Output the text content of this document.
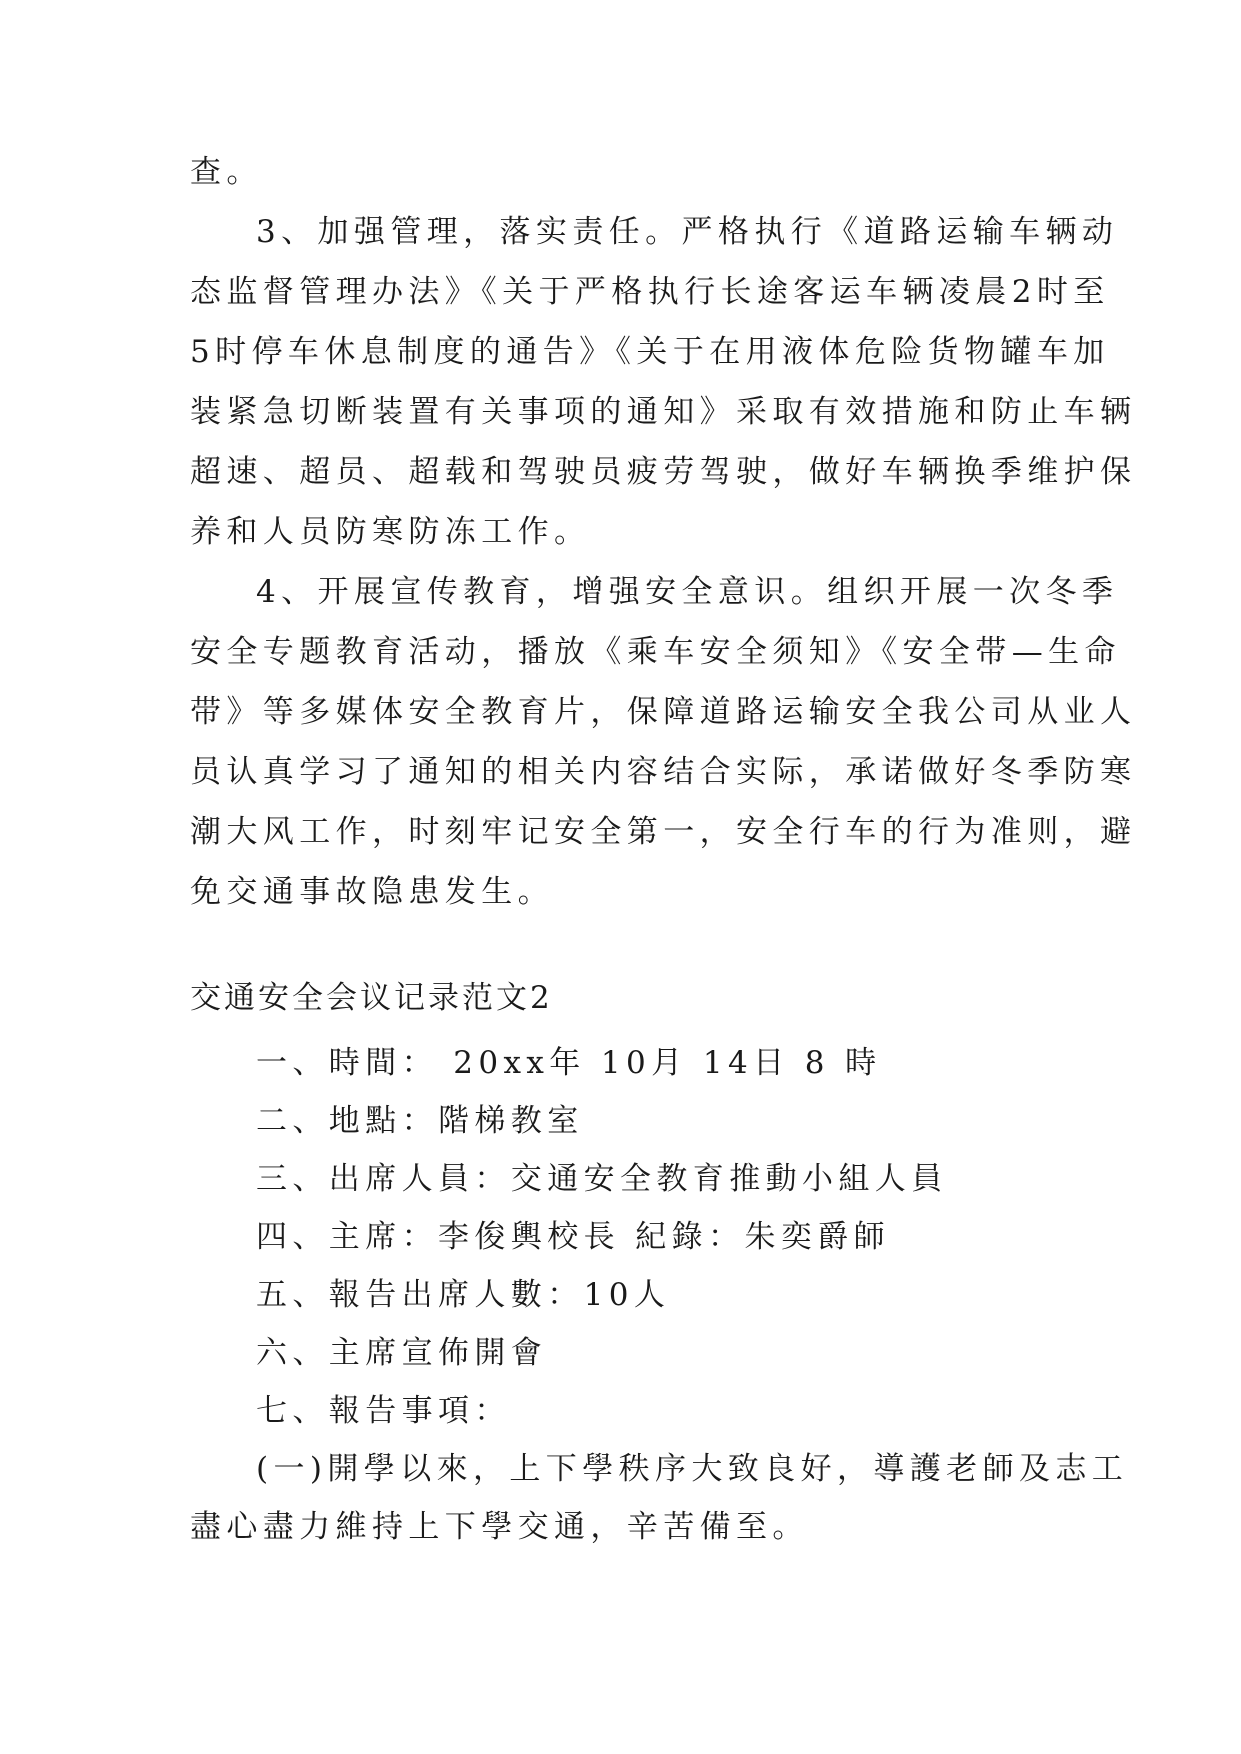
查。
3、加强管理，落实责任。严格执行《道路运输车辆动
态监督管理办法》《关于严格执行长途客运车辆凌晨2时至
5时停车休息制度的通告》《关于在用液体危险货物罐车加
装紧急切断装置有关事项的通知》采取有效措施和防止车辆
超速、超员、超载和驾驶员疲劳驾驶，做好车辆换季维护保
养和人员防寒防冻工作。
4、开展宣传教育，增强安全意识。组织开展一次冬季
安全专题教育活动，播放《乘车安全须知》《安全带—生命
带》等多媒体安全教育片，保障道路运输安全我公司从业人
员认真学习了通知的相关内容结合实际，承诺做好冬季防寒
潮大风工作，时刻牢记安全第一，安全行车的行为准则，避
免交通事故隐患发生。
交通安全会议记录范文2
一、時間： 20xx年 10月 14日 8 時
二、地點：階梯教室
三、出席人員：交通安全教育推動小組人員
四、主席：李俊輿校長 紀錄：朱奕爵師
五、報告出席人數：10人
六、主席宣佈開會
七、報告事項：
(一)開學以來，上下學秩序大致良好，導護老師及志工
盡心盡力維持上下學交通，辛苦備至。
